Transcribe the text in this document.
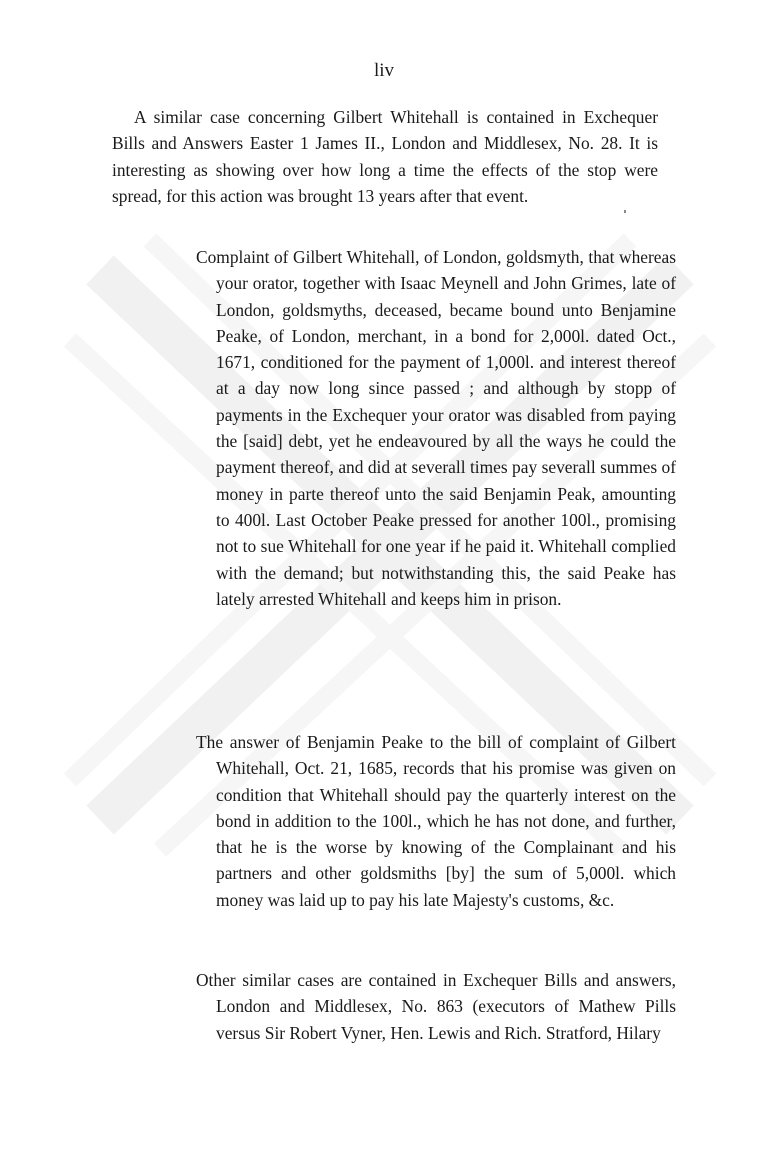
liv

A similar case concerning Gilbert Whitehall is contained in Exchequer Bills and Answers Easter 1 James II., London and Middlesex, No. 28. It is interesting as showing over how long a time the effects of the stop were spread, for this action was brought 13 years after that event.

Complaint of Gilbert Whitehall, of London, goldsmyth, that whereas your orator, together with Isaac Meynell and John Grimes, late of London, goldsmyths, deceased, became bound unto Benjamine Peake, of London, merchant, in a bond for 2,000l. dated Oct., 1671, conditioned for the payment of 1,000l. and interest thereof at a day now long since passed ; and although by stopp of payments in the Exchequer your orator was disabled from paying the [said] debt, yet he endeavoured by all the ways he could the payment thereof, and did at severall times pay severall summes of money in parte thereof unto the said Benjamin Peak, amounting to 400l. Last October Peake pressed for another 100l., promising not to sue Whitehall for one year if he paid it. Whitehall complied with the demand; but notwithstanding this, the said Peake has lately arrested Whitehall and keeps him in prison.

The answer of Benjamin Peake to the bill of complaint of Gilbert Whitehall, Oct. 21, 1685, records that his promise was given on condition that Whitehall should pay the quarterly interest on the bond in addition to the 100l., which he has not done, and further, that he is the worse by knowing of the Complainant and his partners and other goldsmiths [by] the sum of 5,000l. which money was laid up to pay his late Majesty's customs, &c.

Other similar cases are contained in Exchequer Bills and answers, London and Middlesex, No. 863 (executors of Mathew Pills versus Sir Robert Vyner, Hen. Lewis and Rich. Stratford, Hilary
